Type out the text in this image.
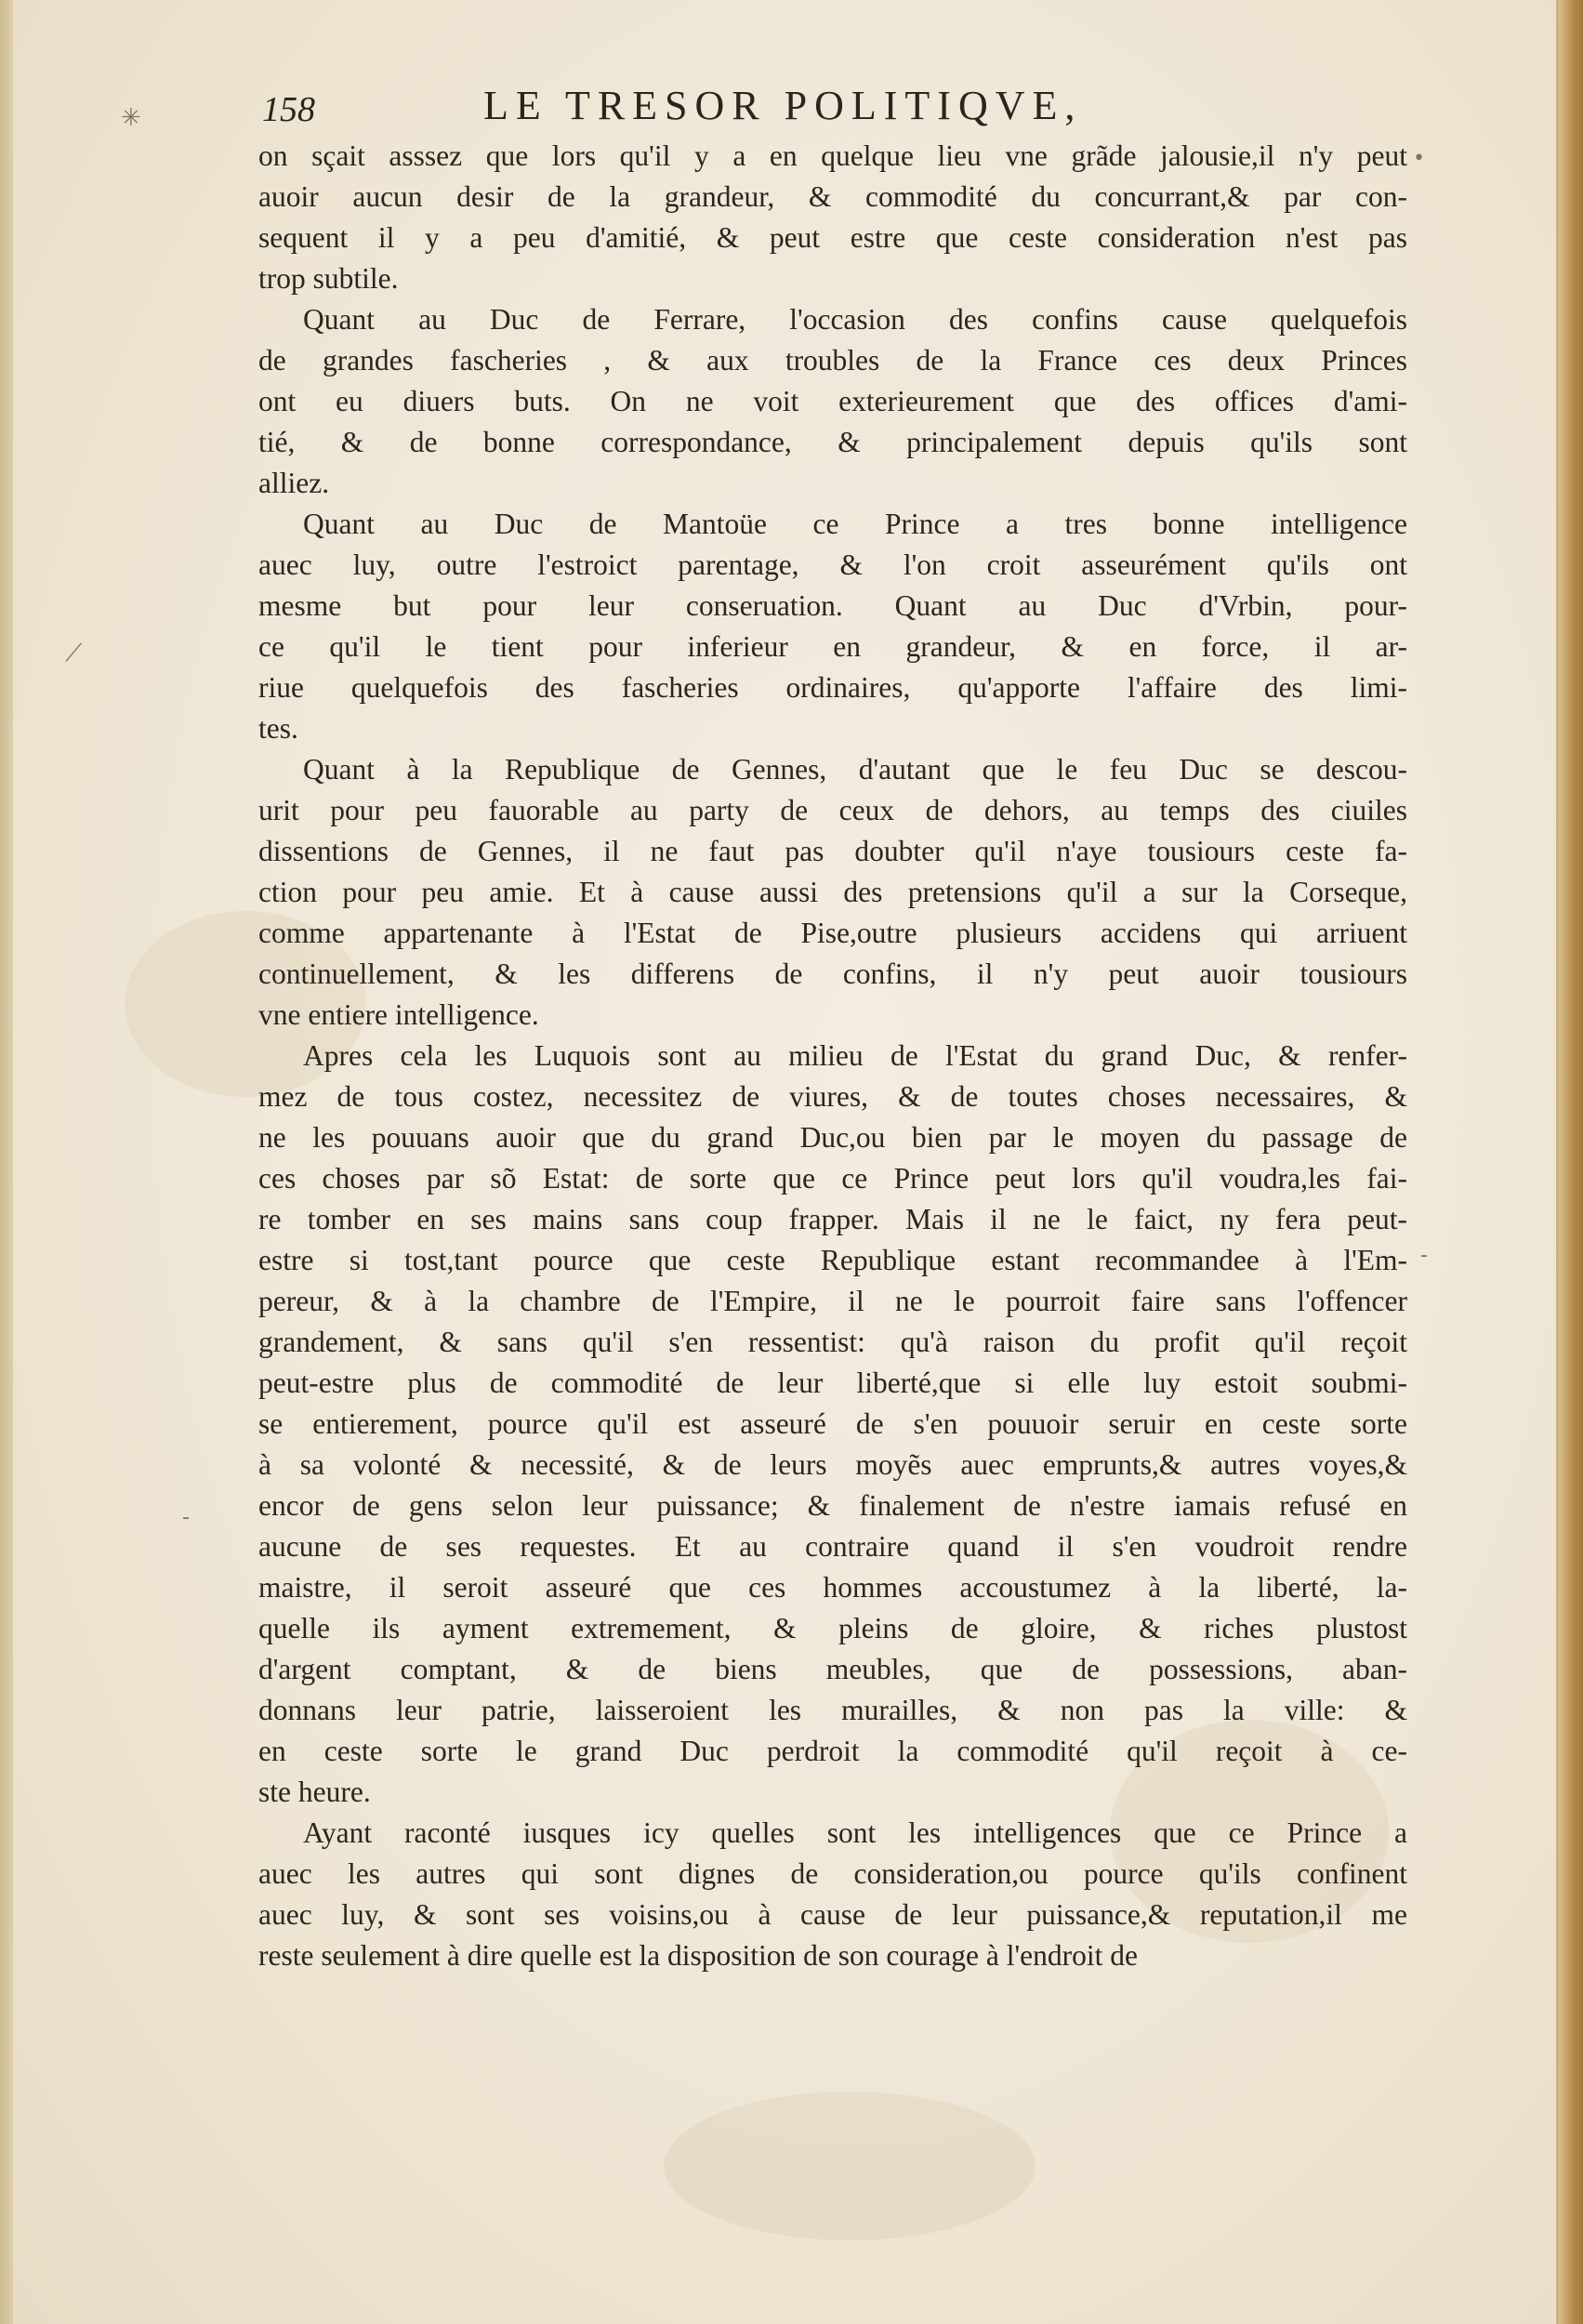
✳
•
⟋
-
-
158	LE TRESOR POLITIQVE,
on sçait asssez que lors qu'il y a en quelque lieu vne grãde jalousie,il n'y peut
auoir aucun desir de la grandeur, & commodité du concurrant,& par con-
sequent il y a peu d'amitié, & peut estre que ceste consideration n'est pas
trop subtile.
Quant au Duc de Ferrare, l'occasion des confins cause quelquefois
de grandes fascheries , & aux troubles de la France ces deux Princes
ont eu diuers buts. On ne voit exterieurement que des offices d'ami-
tié, & de bonne correspondance, & principalement depuis qu'ils sont
alliez.
Quant au Duc de Mantoüe ce Prince a tres bonne intelligence
auec luy, outre l'estroict parentage, & l'on croit asseurément qu'ils ont
mesme but pour leur conseruation. Quant au Duc d'Vrbin, pour-
ce qu'il le tient pour inferieur en grandeur, & en force, il ar-
riue quelquefois des fascheries ordinaires, qu'apporte l'affaire des limi-
tes.
Quant à la Republique de Gennes, d'autant que le feu Duc se descou-
urit pour peu fauorable au party de ceux de dehors, au temps des ciuiles
dissentions de Gennes, il ne faut pas doubter qu'il n'aye tousiours ceste fa-
ction pour peu amie. Et à cause aussi des pretensions qu'il a sur la Corseque,
comme appartenante à l'Estat de Pise,outre plusieurs accidens qui arriuent
continuellement, & les differens de confins, il n'y peut auoir tousiours
vne entiere intelligence.
Apres cela les Luquois sont au milieu de l'Estat du grand Duc, & renfer-
mez de tous costez, necessitez de viures, & de toutes choses necessaires, &
ne les pouuans auoir que du grand Duc,ou bien par le moyen du passage de
ces choses par sõ Estat: de sorte que ce Prince peut lors qu'il voudra,les fai-
re tomber en ses mains sans coup frapper. Mais il ne le faict, ny fera peut-
estre si tost,tant pource que ceste Republique estant recommandee à l'Em-
pereur, & à la chambre de l'Empire, il ne le pourroit faire sans l'offencer
grandement, & sans qu'il s'en ressentist: qu'à raison du profit qu'il reçoit
peut-estre plus de commodité de leur liberté,que si elle luy estoit soubmi-
se entierement, pource qu'il est asseuré de s'en pouuoir seruir en ceste sorte
à sa volonté & necessité, & de leurs moyẽs auec emprunts,& autres voyes,&
encor de gens selon leur puissance; & finalement de n'estre iamais refusé en
aucune de ses requestes. Et au contraire quand il s'en voudroit rendre
maistre, il seroit asseuré que ces hommes accoustumez à la liberté, la-
quelle ils ayment extremement, & pleins de gloire, & riches plustost
d'argent comptant, & de biens meubles, que de possessions, aban-
donnans leur patrie, laisseroient les murailles, & non pas la ville: &
en ceste sorte le grand Duc perdroit la commodité qu'il reçoit à ce-
ste heure.
Ayant raconté iusques icy quelles sont les intelligences que ce Prince a
auec les autres qui sont dignes de consideration,ou pource qu'ils confinent
auec luy, & sont ses voisins,ou à cause de leur puissance,& reputation,il me
reste seulement à dire quelle est la disposition de son courage à l'endroit de
